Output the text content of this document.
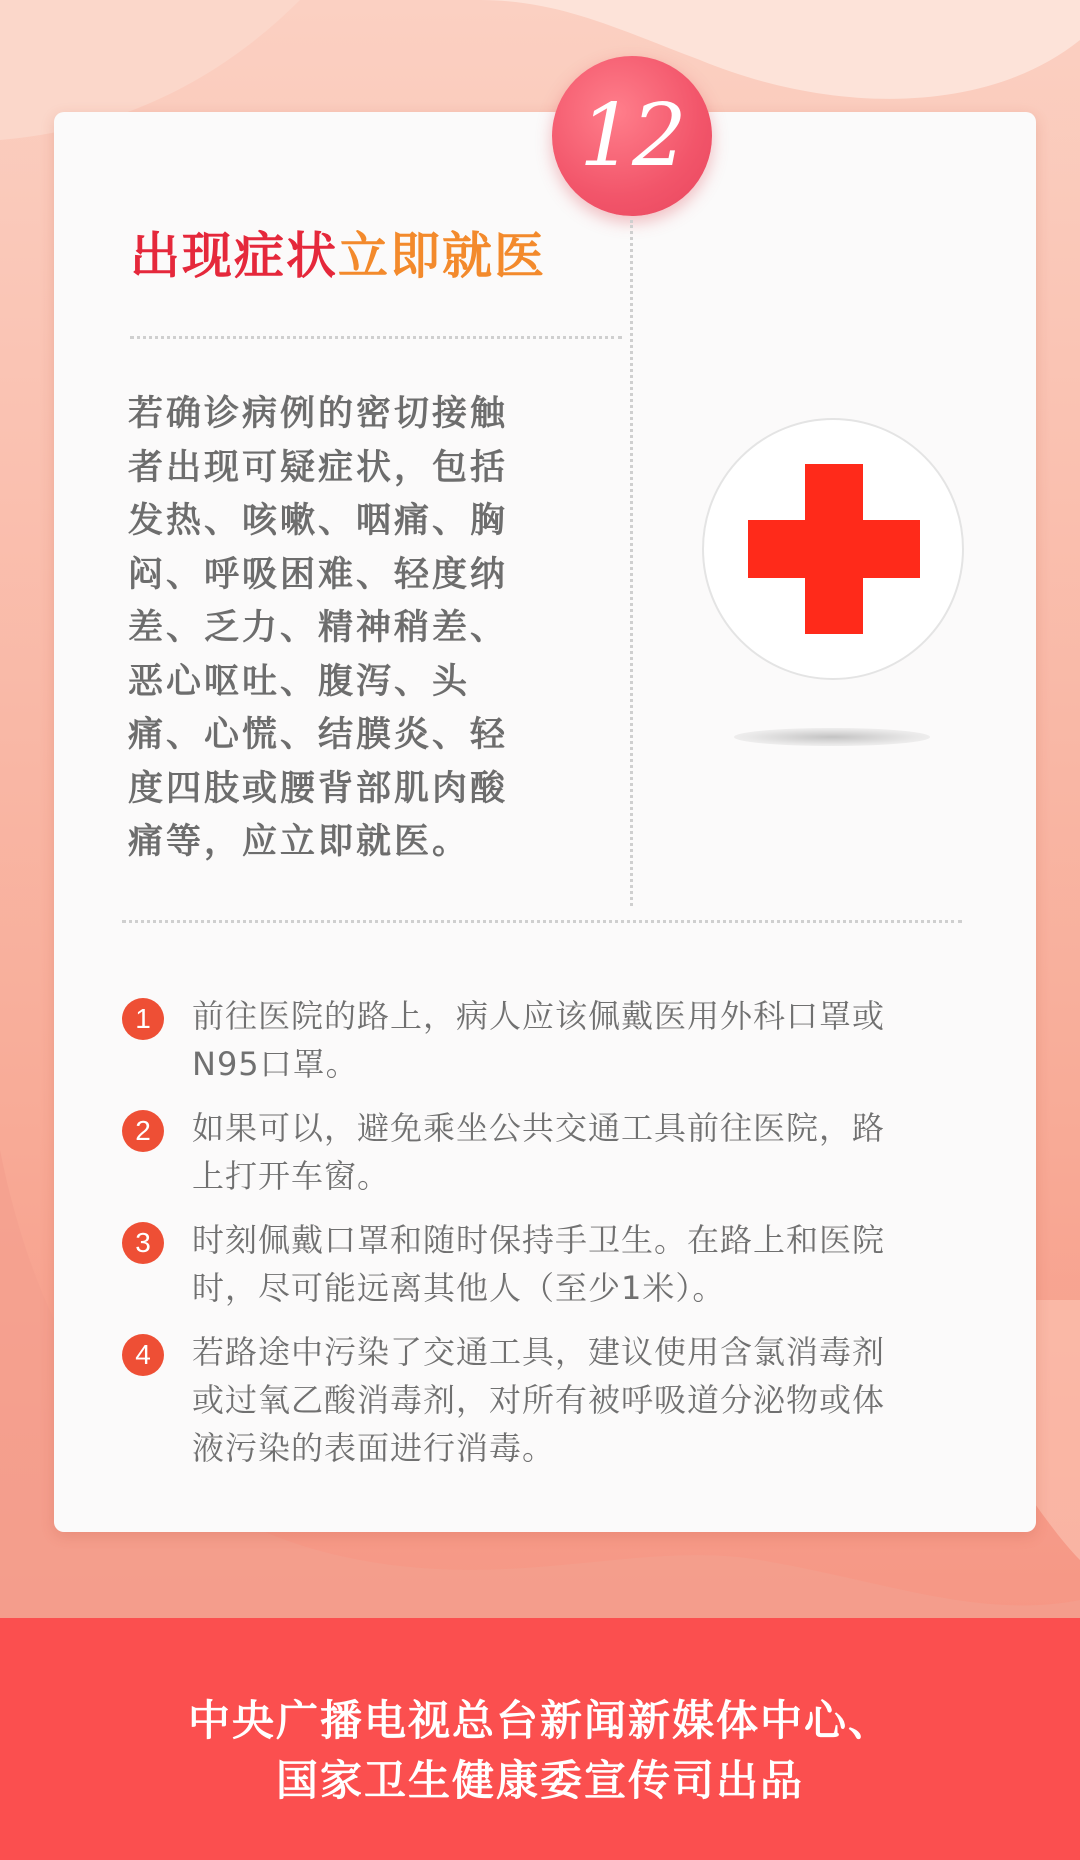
12
出现症状立即就医
若确诊病例的密切接触
者出现可疑症状，包括
发热、咳嗽、咽痛、胸
闷、呼吸困难、轻度纳
差、乏力、精神稍差、
恶心呕吐、腹泻、头
痛、心慌、结膜炎、轻
度四肢或腰背部肌肉酸
痛等，应立即就医。
1	前往医院的路上，病人应该佩戴医用外科口罩或
N95口罩。
2	如果可以，避免乘坐公共交通工具前往医院，路
上打开车窗。
3	时刻佩戴口罩和随时保持手卫生。在路上和医院
时，尽可能远离其他人（至少1米）。
4	若路途中污染了交通工具，建议使用含氯消毒剂
或过氧乙酸消毒剂，对所有被呼吸道分泌物或体
液污染的表面进行消毒。
中央广播电视总台新闻新媒体中心、
国家卫生健康委宣传司出品
